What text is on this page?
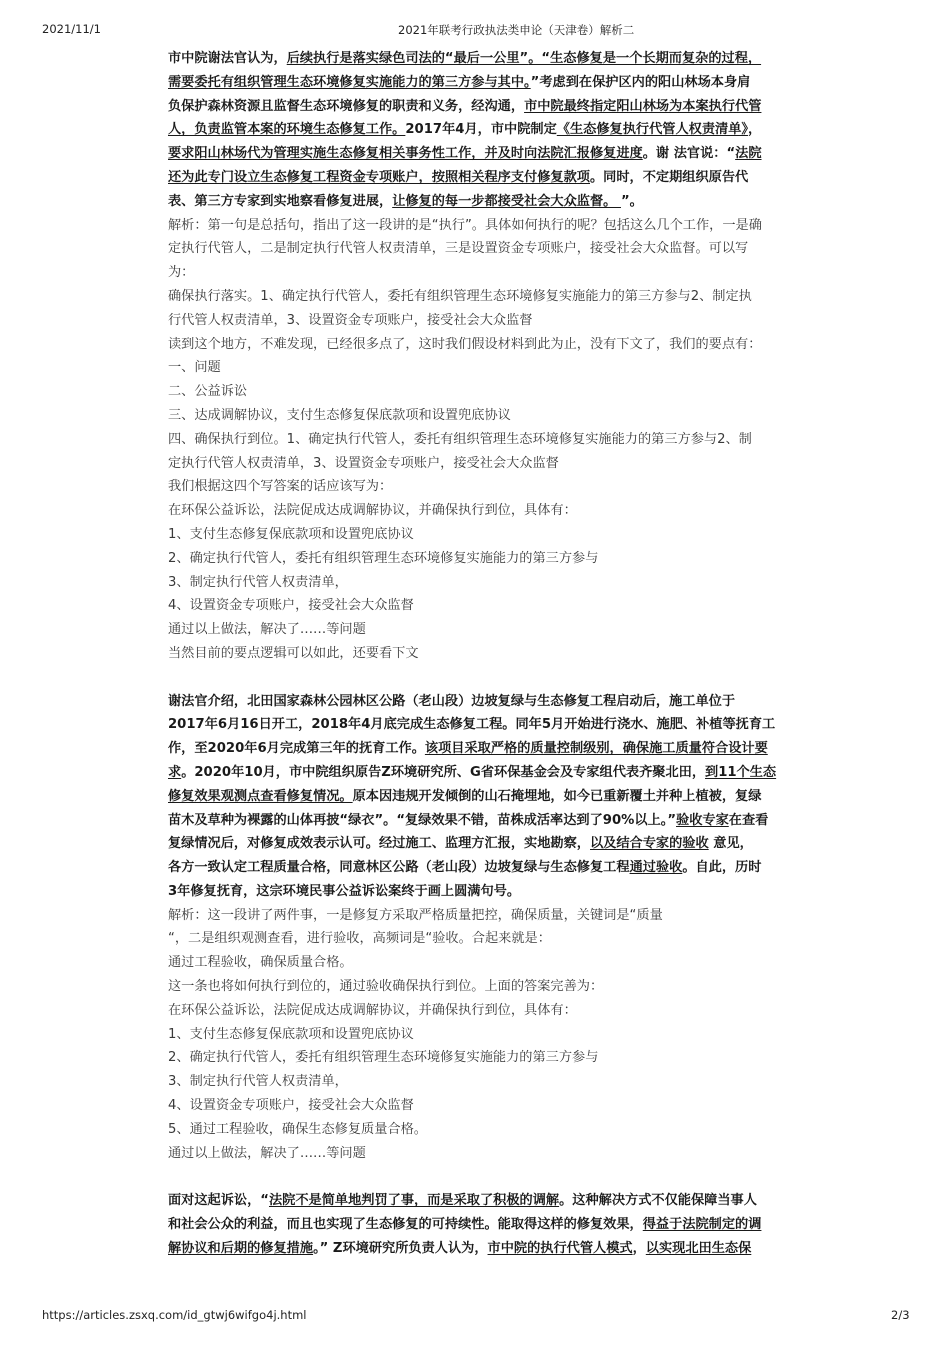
2021/11/1	2021年联考行政执法类申论（天津卷）解析二
市中院谢法官认为，后续执行是落实绿色司法的“最后一公里”。“生态修复是一个长期而复杂的过程，
需要委托有组织管理生态环境修复实施能力的第三方参与其中。”考虑到在保护区内的阳山林场本身肩
负保护森林资源且监督生态环境修复的职责和义务，经沟通，市中院最终指定阳山林场为本案执行代管
人，负责监管本案的环境生态修复工作。2017年4月，市中院制定《生态修复执行代管人权责清单》，
要求阳山林场代为管理实施生态修复相关事务性工作，并及时向法院汇报修复进度。谢 法官说：“法院
还为此专门设立生态修复工程资金专项账户，按照相关程序支付修复款项。同时，不定期组织原告代
表、第三方专家到实地察看修复进展，让修复的每一步都接受社会大众监督。 ”。
解析：第一句是总括句，指出了这一段讲的是“执行”。具体如何执行的呢？包括这么几个工作，一是确
定执行代管人，二是制定执行代管人权责清单，三是设置资金专项账户，接受社会大众监督。可以写
为：
确保执行落实。1、确定执行代管人，委托有组织管理生态环境修复实施能力的第三方参与2、制定执
行代管人权责清单，3、设置资金专项账户，接受社会大众监督
读到这个地方，不难发现，已经很多点了，这时我们假设材料到此为止，没有下文了，我们的要点有：
一、问题
二、公益诉讼
三、达成调解协议，支付生态修复保底款项和设置兜底协议
四、确保执行到位。1、确定执行代管人，委托有组织管理生态环境修复实施能力的第三方参与2、制
定执行代管人权责清单，3、设置资金专项账户，接受社会大众监督
我们根据这四个写答案的话应该写为：
在环保公益诉讼，法院促成达成调解协议，并确保执行到位，具体有：
1、支付生态修复保底款项和设置兜底协议
2、确定执行代管人，委托有组织管理生态环境修复实施能力的第三方参与
3、制定执行代管人权责清单，
4、设置资金专项账户，接受社会大众监督
通过以上做法，解决了……等问题
当然目前的要点逻辑可以如此，还要看下文
谢法官介绍，北田国家森林公园林区公路（老山段）边坡复绿与生态修复工程启动后，施工单位于
2017年6月16日开工，2018年4月底完成生态修复工程。同年5月开始进行浇水、施肥、补植等抚育工
作，至2020年6月完成第三年的抚育工作。该项目采取严格的质量控制级别，确保施工质量符合设计要
求。2020年10月，市中院组织原告Z环境研究所、G省环保基金会及专家组代表齐聚北田，到11个生态
修复效果观测点查看修复情况。原本因违规开发倾倒的山石掩埋地，如今已重新覆土并种上植被，复绿
苗木及草种为裸露的山体再披“绿衣”。“复绿效果不错，苗株成活率达到了90%以上。”验收专家在查看
复绿情况后，对修复成效表示认可。经过施工、监理方汇报，实地勘察，以及结合专家的验收 意见，
各方一致认定工程质量合格，同意林区公路（老山段）边坡复绿与生态修复工程通过验收。自此，历时
3年修复抚育，这宗环境民事公益诉讼案终于画上圆满句号。
解析：这一段讲了两件事，一是修复方采取严格质量把控，确保质量，关键词是“质量
“，二是组织观测查看，进行验收，高频词是“验收。合起来就是：
通过工程验收，确保质量合格。
这一条也将如何执行到位的，通过验收确保执行到位。上面的答案完善为：
在环保公益诉讼，法院促成达成调解协议，并确保执行到位，具体有：
1、支付生态修复保底款项和设置兜底协议
2、确定执行代管人，委托有组织管理生态环境修复实施能力的第三方参与
3、制定执行代管人权责清单，
4、设置资金专项账户，接受社会大众监督
5、通过工程验收，确保生态修复质量合格。
通过以上做法，解决了……等问题
面对这起诉讼，“法院不是简单地判罚了事，而是采取了积极的调解。这种解决方式不仅能保障当事人
和社会公众的利益，而且也实现了生态修复的可持续性。能取得这样的修复效果，得益于法院制定的调
解协议和后期的修复措施。” Z环境研究所负责人认为，市中院的执行代管人模式，以实现北田生态保
https://articles.zsxq.com/id_gtwj6wifgo4j.html	2/3
